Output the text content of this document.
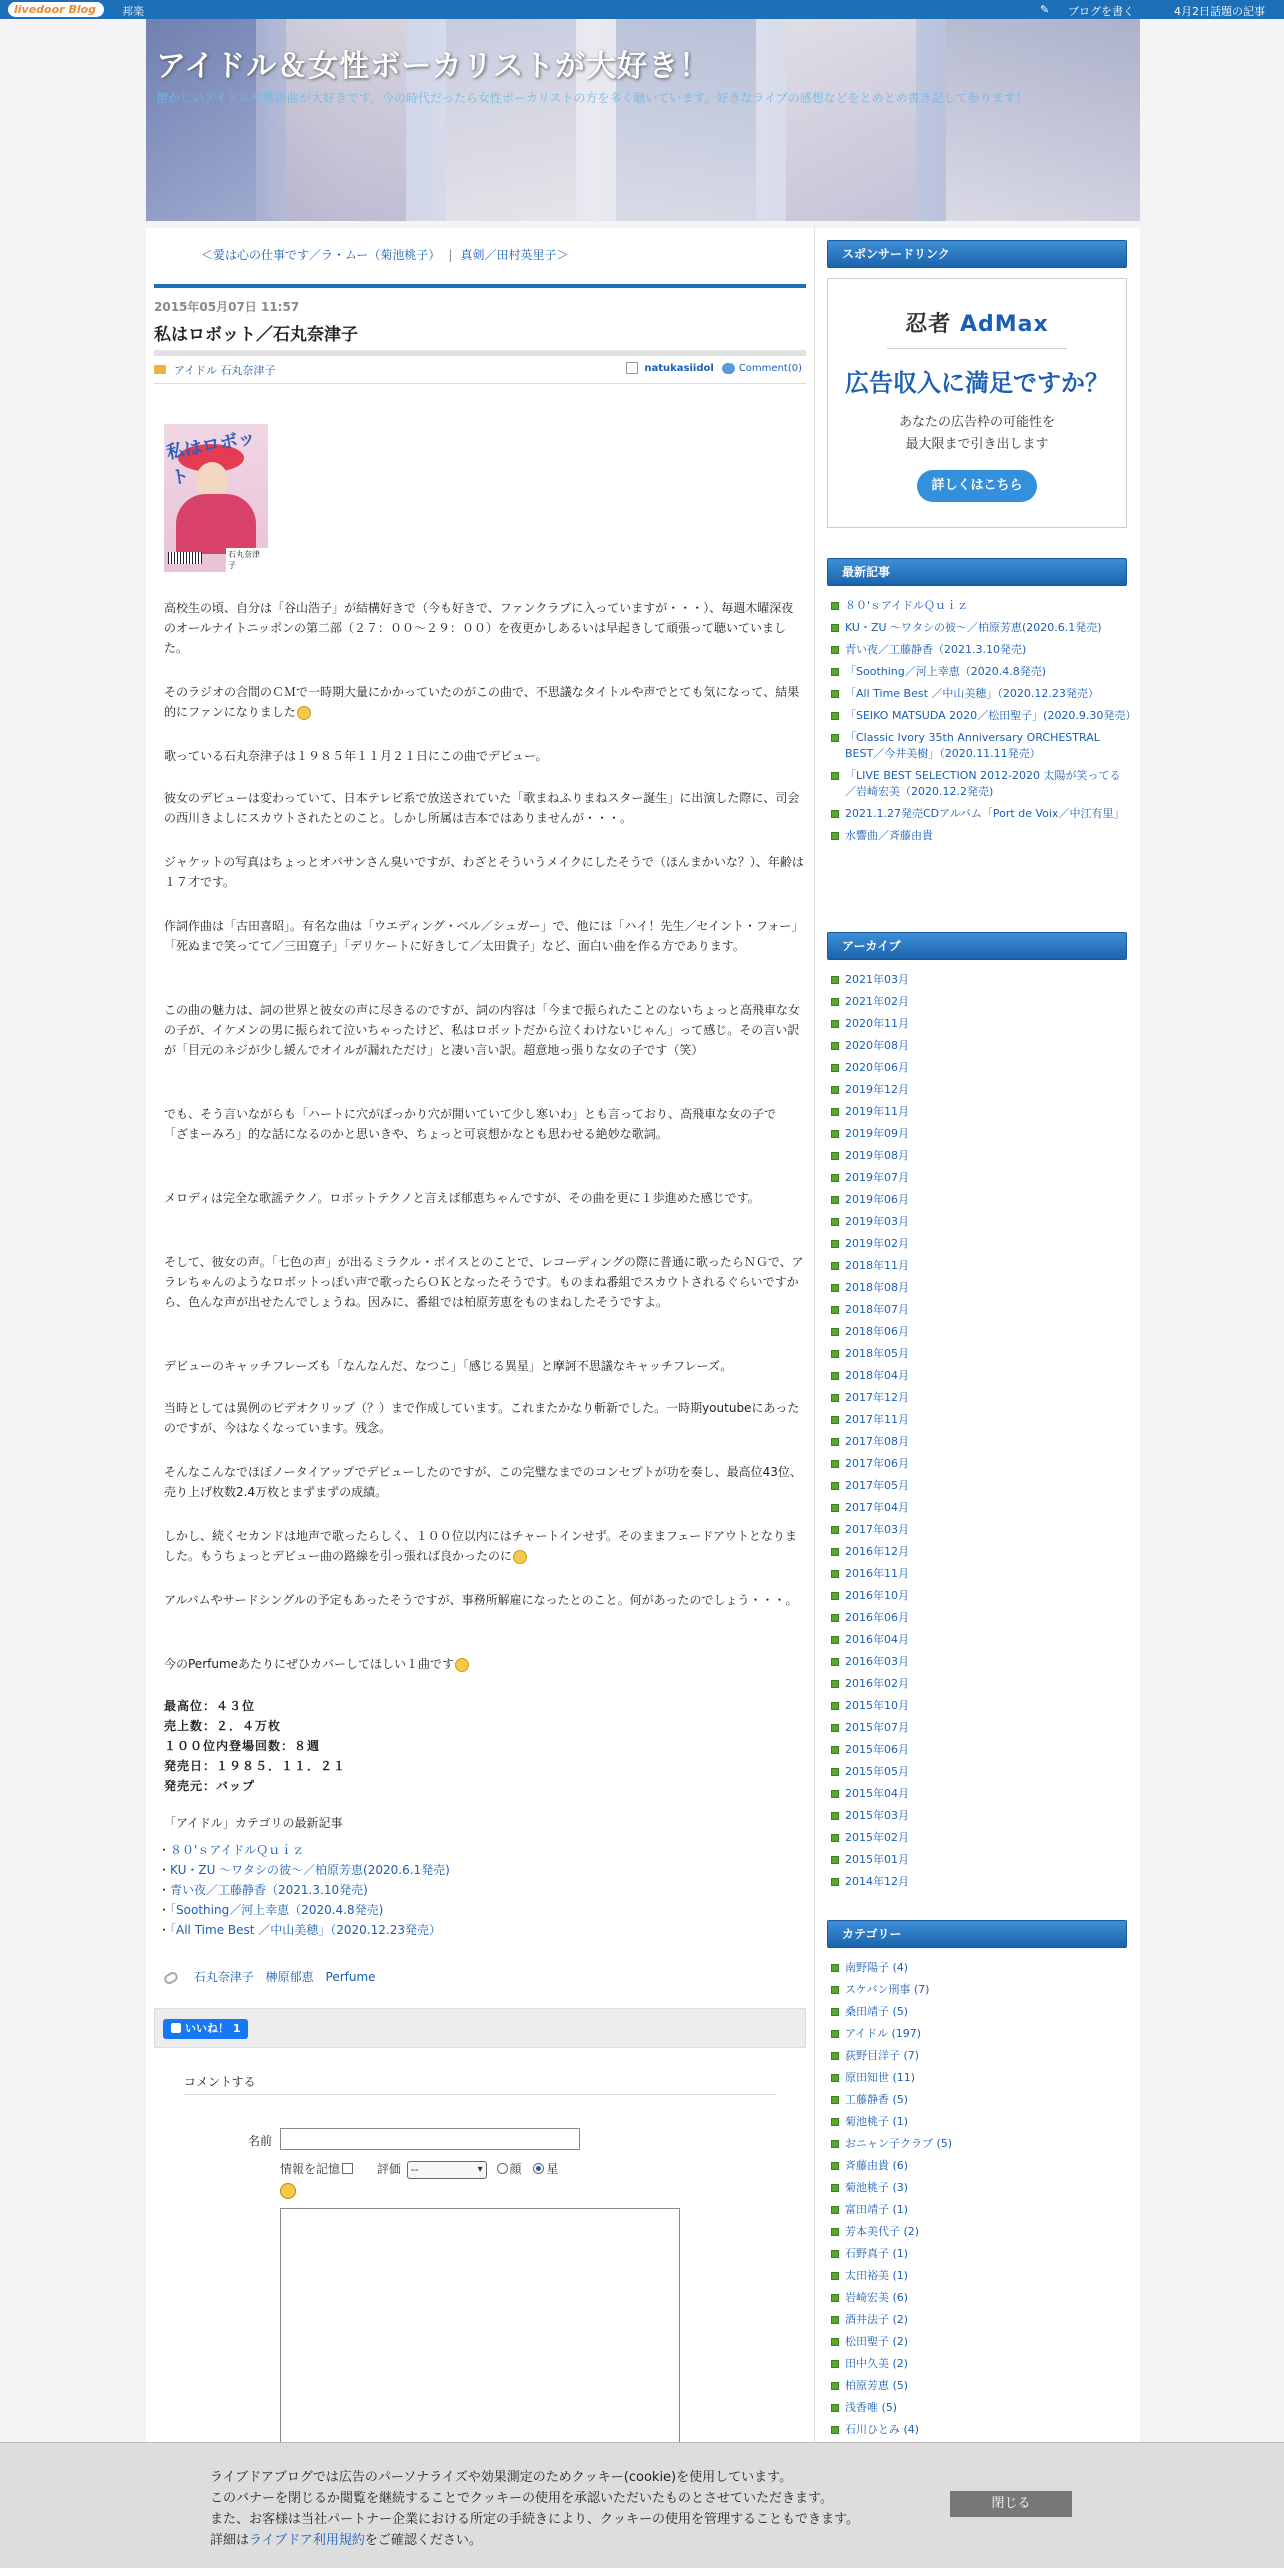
livedoor Blog	邦楽	✎ ブログを書く	4月2日話題の記事
アイドル＆女性ボーカリストが大好き！
懐かしいアイドルや歌謡曲が大好きです。今の時代だったら女性ボーカリストの方を多く聴いています。好きなライブの感想などをとめとめ書き記して参ります！
＜愛は心の仕事です／ラ・ムー（菊池桃子） | 真剣／田村英里子＞
2015年05月07日 11:57
私はロボット／石丸奈津子
アイドル 石丸奈津子	natukasiidol	Comment(0)
私はロボット
石丸奈津子

高校生の頃、自分は「谷山浩子」が結構好きで（今も好きで、ファンクラブに入っていますが・・・）、毎週木曜深夜のオールナイトニッポンの第二部（２７：００～２９：００）を夜更かしあるいは早起きして頑張って聴いていました。

そのラジオの合間のＣＭで一時期大量にかかっていたのがこの曲で、不思議なタイトルや声でとても気になって、結果的にファンになりました

歌っている石丸奈津子は１９８５年１１月２１日にこの曲でデビュー。

彼女のデビューは変わっていて、日本テレビ系で放送されていた「歌まねふりまねスター誕生」に出演した際に、司会の西川きよしにスカウトされたとのこと。しかし所属は吉本ではありませんが・・・。

ジャケットの写真はちょっとオバサンさん臭いですが、わざとそういうメイクにしたそうで（ほんまかいな？）、年齢は１７才です。

作詞作曲は「古田喜昭」。有名な曲は「ウエディング・ベル／シュガー」で、他には「ハイ！先生／セイント・フォー」「死ぬまで笑ってて／三田寛子」「デリケートに好きして／太田貴子」など、面白い曲を作る方であります。

この曲の魅力は、詞の世界と彼女の声に尽きるのですが、詞の内容は「今まで振られたことのないちょっと高飛車な女の子が、イケメンの男に振られて泣いちゃったけど、私はロボットだから泣くわけないじゃん」って感じ。その言い訳が「目元のネジが少し緩んでオイルが漏れただけ」と凄い言い訳。超意地っ張りな女の子です（笑）

でも、そう言いながらも「ハートに穴がぽっかり穴が開いていて少し寒いわ」とも言っており、高飛車な女の子で
「ざまーみろ」的な話になるのかと思いきや、ちょっと可哀想かなとも思わせる絶妙な歌詞。

メロディは完全な歌謡テクノ。ロボットテクノと言えば郁恵ちゃんですが、その曲を更に１歩進めた感じです。

そして、彼女の声。「七色の声」が出るミラクル・ボイスとのことで、レコーディングの際に普通に歌ったらＮＧで、アラレちゃんのようなロボットっぽい声で歌ったらＯＫとなったそうです。ものまね番組でスカウトされるぐらいですから、色んな声が出せたんでしょうね。因みに、番組では柏原芳恵をものまねしたそうですよ。

デビューのキャッチフレーズも「なんなんだ、なつこ」「感じる異星」と摩訶不思議なキャッチフレーズ。

当時としては異例のビデオクリップ（？）まで作成しています。これまたかなり斬新でした。一時期youtubeにあったのですが、今はなくなっています。残念。

そんなこんなでほぼノータイアップでデビューしたのですが、この完璧なまでのコンセプトが功を奏し、最高位43位、売り上げ枚数2.4万枚とまずまずの成績。

しかし、続くセカンドは地声で歌ったらしく、１００位以内にはチャートインせず。そのままフェードアウトとなりました。もうちょっとデビュー曲の路線を引っ張れば良かったのに

アルバムやサードシングルの予定もあったそうですが、事務所解雇になったとのこと。何があったのでしょう・・・。

今のPerfumeあたりにぜひカバーしてほしい１曲です
最高位：４３位
売上数：２．４万枚
１００位内登場回数：８週
発売日：１９８５．１１．２１
発売元：バップ
「アイドル」カテゴリの最新記事
・ ８０'ｓアイドルＱｕｉｚ
・ KU・ZU ～ワタシの彼～／柏原芳恵(2020.6.1発売)
・ 青い夜／工藤静香（2021.3.10発売)
・ 「Soothing／河上幸恵（2020.4.8発売)
・ 「All Time Best ／中山美穂」（2020.12.23発売）
石丸奈津子 榊原郁恵 Perfume
いいね！ 1
コメントする
名前
情報を記憶	評価 -- ▾	顔 星
スポンサードリンク
忍者 AdMax
広告収入に満足ですか？
あなたの広告枠の可能性を
最大限まで引き出します
詳しくはこちら
最新記事
８０'ｓアイドルＱｕｉｚ
KU・ZU ～ワタシの彼～／柏原芳恵(2020.6.1発売)
青い夜／工藤静香（2021.3.10発売)
「Soothing／河上幸恵（2020.4.8発売)
「All Time Best ／中山美穂」（2020.12.23発売）
「SEIKO MATSUDA 2020／松田聖子」(2020.9.30発売）
「Classic Ivory 35th Anniversary ORCHESTRAL BEST／今井美樹」（2020.11.11発売）
「LIVE BEST SELECTION 2012-2020 太陽が笑ってる／岩崎宏美（2020.12.2発売)
2021.1.27発売CDアルバム「Port de Voix／中江有里」
水響曲／斉藤由貴
アーカイブ
2021年03月
2021年02月
2020年11月
2020年08月
2020年06月
2019年12月
2019年11月
2019年09月
2019年08月
2019年07月
2019年06月
2019年03月
2019年02月
2018年11月
2018年08月
2018年07月
2018年06月
2018年05月
2018年04月
2017年12月
2017年11月
2017年08月
2017年06月
2017年05月
2017年04月
2017年03月
2016年12月
2016年11月
2016年10月
2016年06月
2016年04月
2016年03月
2016年02月
2015年10月
2015年07月
2015年06月
2015年05月
2015年04月
2015年03月
2015年02月
2015年01月
2014年12月
カテゴリー
南野陽子 (4)
スケバン刑事 (7)
桑田靖子 (5)
アイドル (197)
荻野目洋子 (7)
原田知世 (11)
工藤静香 (5)
菊池桃子 (1)
おニャン子クラブ (5)
斉藤由貴 (6)
菊池桃子 (3)
富田靖子 (1)
芳本美代子 (2)
石野真子 (1)
太田裕美 (1)
岩崎宏美 (6)
酒井法子 (2)
松田聖子 (2)
田中久美 (2)
柏原芳恵 (5)
浅香唯 (5)
石川ひとみ (4)
ライブドアブログでは広告のパーソナライズや効果測定のためクッキー(cookie)を使用しています。
このバナーを閉じるか閲覧を継続することでクッキーの使用を承認いただいたものとさせていただきます。
また、お客様は当社パートナー企業における所定の手続きにより、クッキーの使用を管理することもできます。
詳細はライブドア利用規約をご確認ください。
閉じる
